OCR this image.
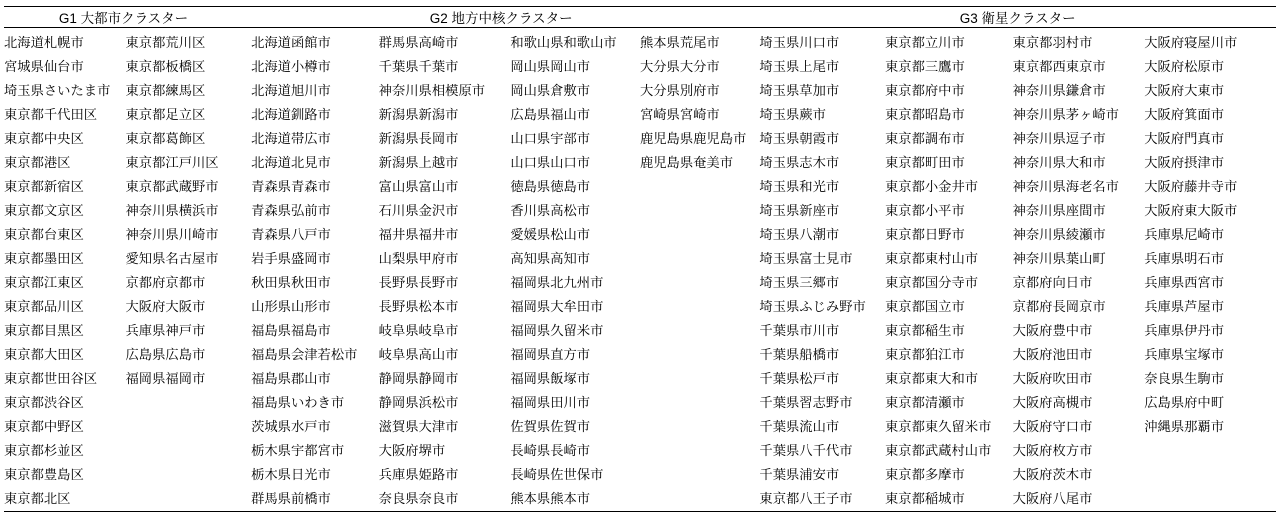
G1 大都市クラスター			G2 地方中核クラスター					G3 衛星クラスター			

北海道札幌市	東京都荒川区		北海道函館市	群馬県高崎市	和歌山県和歌山市	熊本県荒尾市		埼玉県川口市	東京都立川市	東京都羽村市	大阪府寝屋川市
宮城県仙台市	東京都板橋区		北海道小樽市	千葉県千葉市	岡山県岡山市	大分県大分市		埼玉県上尾市	東京都三鷹市	東京都西東京市	大阪府松原市
埼玉県さいたま市	東京都練馬区		北海道旭川市	神奈川県相模原市	岡山県倉敷市	大分県別府市		埼玉県草加市	東京都府中市	神奈川県鎌倉市	大阪府大東市
東京都千代田区	東京都足立区		北海道釧路市	新潟県新潟市	広島県福山市	宮崎県宮崎市		埼玉県蕨市	東京都昭島市	神奈川県茅ヶ崎市	大阪府箕面市
東京都中央区	東京都葛飾区		北海道帯広市	新潟県長岡市	山口県宇部市	鹿児島県鹿児島市		埼玉県朝霞市	東京都調布市	神奈川県逗子市	大阪府門真市
東京都港区	東京都江戸川区		北海道北見市	新潟県上越市	山口県山口市	鹿児島県奄美市		埼玉県志木市	東京都町田市	神奈川県大和市	大阪府摂津市
東京都新宿区	東京都武蔵野市		青森県青森市	富山県富山市	徳島県徳島市			埼玉県和光市	東京都小金井市	神奈川県海老名市	大阪府藤井寺市
東京都文京区	神奈川県横浜市		青森県弘前市	石川県金沢市	香川県高松市			埼玉県新座市	東京都小平市	神奈川県座間市	大阪府東大阪市
東京都台東区	神奈川県川崎市		青森県八戸市	福井県福井市	愛媛県松山市			埼玉県八潮市	東京都日野市	神奈川県綾瀬市	兵庫県尼崎市
東京都墨田区	愛知県名古屋市		岩手県盛岡市	山梨県甲府市	高知県高知市			埼玉県富士見市	東京都東村山市	神奈川県葉山町	兵庫県明石市
東京都江東区	京都府京都市		秋田県秋田市	長野県長野市	福岡県北九州市			埼玉県三郷市	東京都国分寺市	京都府向日市	兵庫県西宮市
東京都品川区	大阪府大阪市		山形県山形市	長野県松本市	福岡県大牟田市			埼玉県ふじみ野市	東京都国立市	京都府長岡京市	兵庫県芦屋市
東京都目黒区	兵庫県神戸市		福島県福島市	岐阜県岐阜市	福岡県久留米市			千葉県市川市	東京都稲生市	大阪府豊中市	兵庫県伊丹市
東京都大田区	広島県広島市		福島県会津若松市	岐阜県高山市	福岡県直方市			千葉県船橋市	東京都狛江市	大阪府池田市	兵庫県宝塚市
東京都世田谷区	福岡県福岡市		福島県郡山市	静岡県静岡市	福岡県飯塚市			千葉県松戸市	東京都東大和市	大阪府吹田市	奈良県生駒市
東京都渋谷区			福島県いわき市	静岡県浜松市	福岡県田川市			千葉県習志野市	東京都清瀬市	大阪府高槻市	広島県府中町
東京都中野区			茨城県水戸市	滋賀県大津市	佐賀県佐賀市			千葉県流山市	東京都東久留米市	大阪府守口市	沖縄県那覇市
東京都杉並区			栃木県宇都宮市	大阪府堺市	長崎県長崎市			千葉県八千代市	東京都武蔵村山市	大阪府枚方市	
東京都豊島区			栃木県日光市	兵庫県姫路市	長崎県佐世保市			千葉県浦安市	東京都多摩市	大阪府茨木市	
東京都北区			群馬県前橋市	奈良県奈良市	熊本県熊本市			東京都八王子市	東京都稲城市	大阪府八尾市	
